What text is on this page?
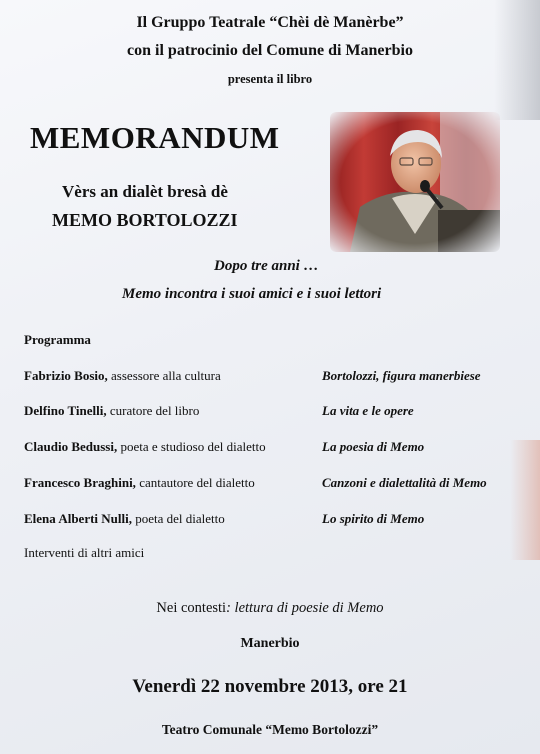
Il Gruppo Teatrale “Chèi dè Manèrbe”
con il patrocinio del Comune di Manerbio
presenta il libro
MEMORANDUM
Vèrs an dialèt bresà dè
MEMO BORTOLOZZI
Dopo tre anni …
Memo incontra i suoi amici e i suoi lettori
Programma
Fabrizio Bosio, assessore alla cultura	Bortolozzi, figura manerbiese
Delfino Tinelli, curatore del libro	La vita e le opere
Claudio Bedussi, poeta e studioso del dialetto	La poesia di Memo
Francesco Braghini, cantautore del dialetto	Canzoni e dialettalità di Memo
Elena Alberti Nulli, poeta del dialetto	Lo spirito di Memo
Interventi di altri amici
Nei contesti: lettura di poesie di Memo
Manerbio
Venerdì 22 novembre 2013, ore 21
Teatro Comunale “Memo Bortolozzi”
